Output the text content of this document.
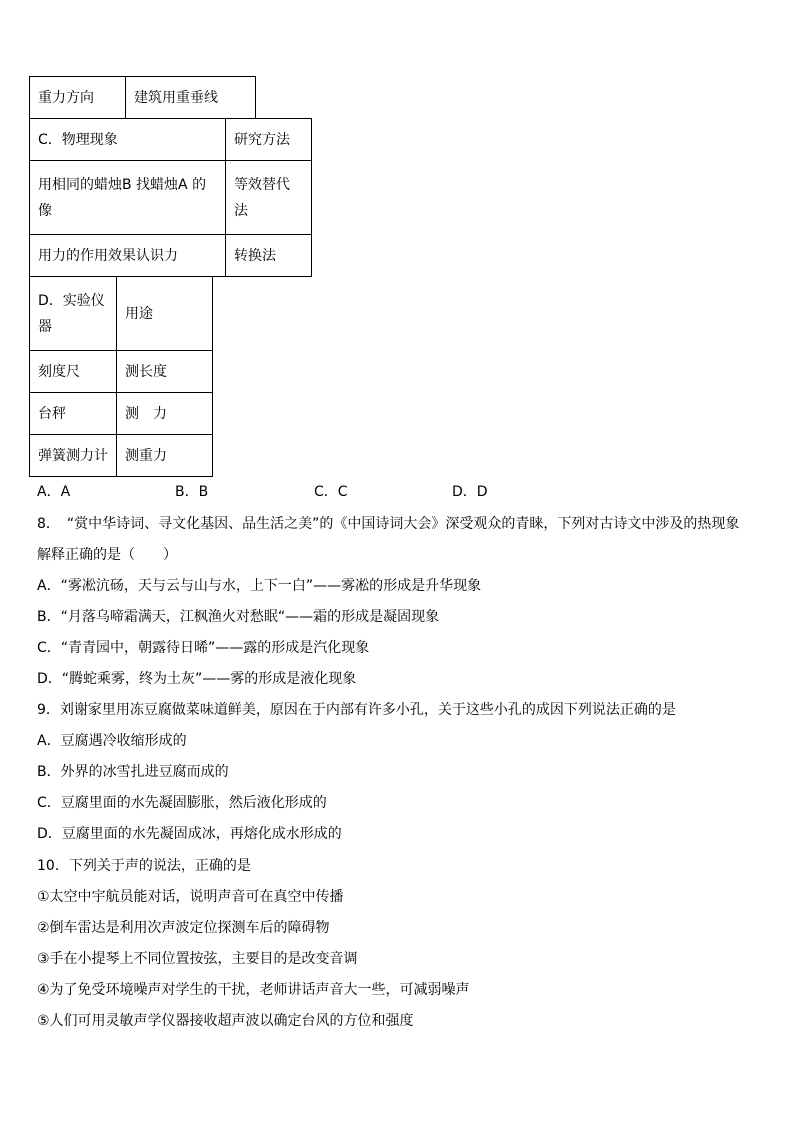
重力方向	建筑用重垂线
C．物理现象	研究方法
用相同的蜡烛B 找蜡烛A 的像	等效替代法
用力的作用效果认识力	转换法
D．实验仪器	用途
刻度尺	测长度
台秤	测　力
弹簧测力计	测重力
A．A	B．B	C．C	D．D
8．　“赏中华诗词、寻文化基因、品生活之美”的《中国诗词大会》深受观众的青睐，下列对古诗文中涉及的热现象
解释正确的是（　　）
A．“雾凇沆砀，天与云与山与水，上下一白”——雾凇的形成是升华现象
B．“月落乌啼霜满天，江枫渔火对愁眠“——霜的形成是凝固现象
C．“青青园中，朝露待日晞”——露的形成是汽化现象
D．“腾蛇乘雾，终为土灰”——雾的形成是液化现象
9．刘谢家里用冻豆腐做菜味道鲜美，原因在于内部有许多小孔，关于这些小孔的成因下列说法正确的是
A．豆腐遇冷收缩形成的
B．外界的冰雪扎进豆腐而成的
C．豆腐里面的水先凝固膨胀，然后液化形成的
D．豆腐里面的水先凝固成冰，再熔化成水形成的
10．下列关于声的说法，正确的是
①太空中宇航员能对话，说明声音可在真空中传播
②倒车雷达是利用次声波定位探测车后的障碍物
③手在小提琴上不同位置按弦，主要目的是改变音调
④为了免受环境噪声对学生的干扰，老师讲话声音大一些，可减弱噪声
⑤人们可用灵敏声学仪器接收超声波以确定台风的方位和强度
